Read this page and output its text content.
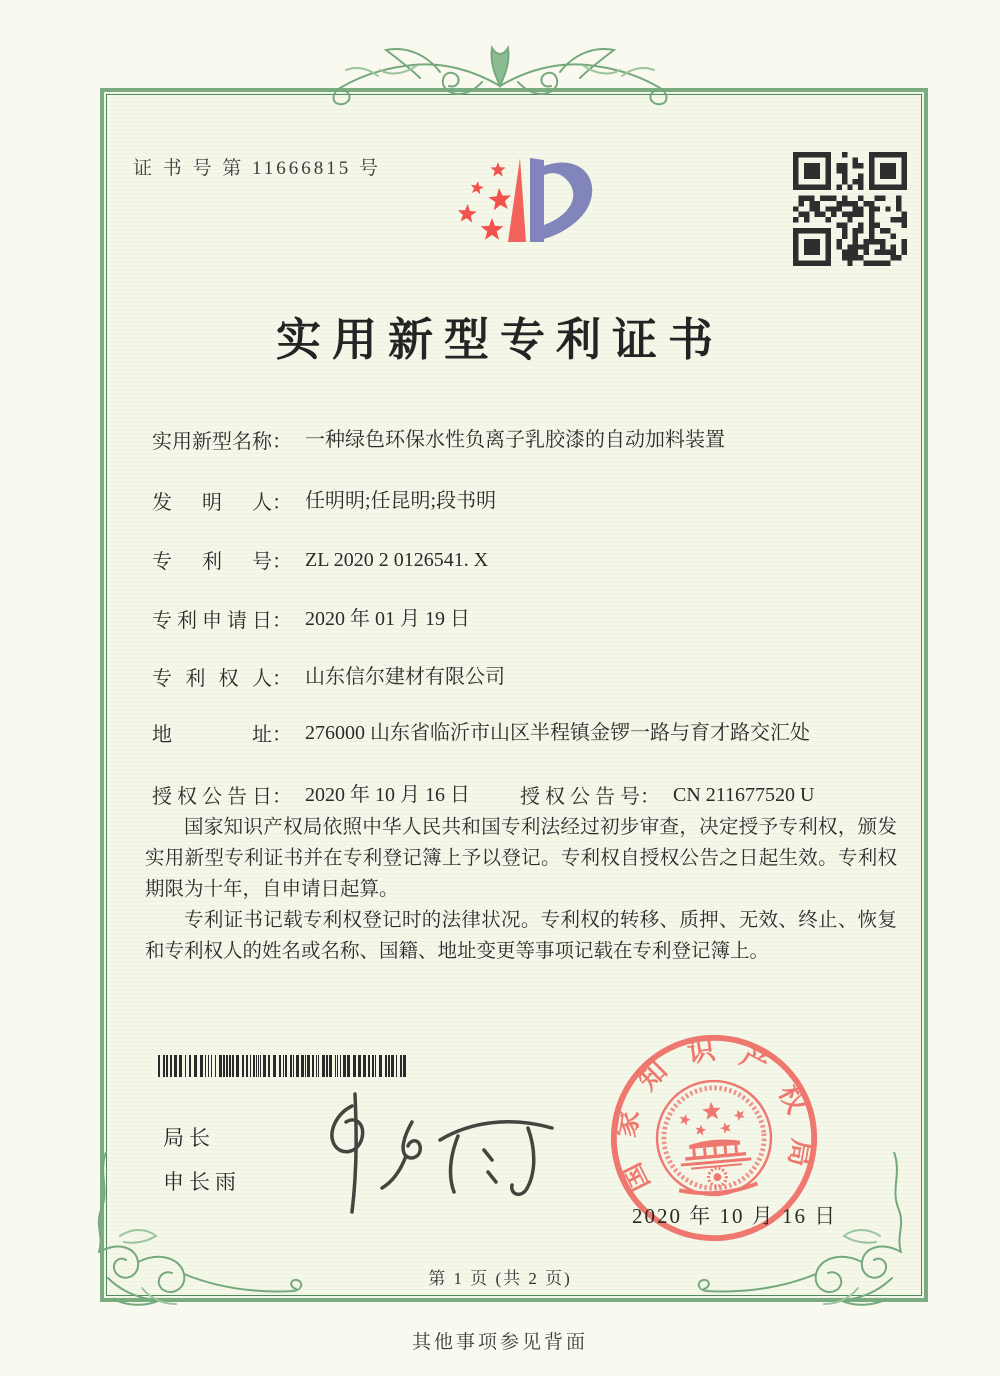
证 书 号 第 11666815 号
实用新型专利证书
实用新型名称 ： 一种绿色环保水性负离子乳胶漆的自动加料装置
发明人 ： 任明明;任昆明;段书明
专利号 ： ZL 2020 2 0126541. X
专利申请日 ： 2020 年 01 月 19 日
专利权人 ： 山东信尔建材有限公司
地址 ： 276000 山东省临沂市山区半程镇金锣一路与育才路交汇处
授权公告日 ： 2020 年 10 月 16 日	授权公告号 ： CN 211677520 U

国家知识产权局依照中华人民共和国专利法经过初步审查，决定授予专利权，颁发实用新型专利证书并在专利登记簿上予以登记。专利权自授权公告之日起生效。专利权期限为十年，自申请日起算。

专利证书记载专利权登记时的法律状况。专利权的转移、质押、无效、终止、恢复和专利权人的姓名或名称、国籍、地址变更等事项记载在专利登记簿上。

局长
申长雨	国家知识产权局
2020 年 10 月 16 日
第 1 页 (共 2 页)
其他事项参见背面
